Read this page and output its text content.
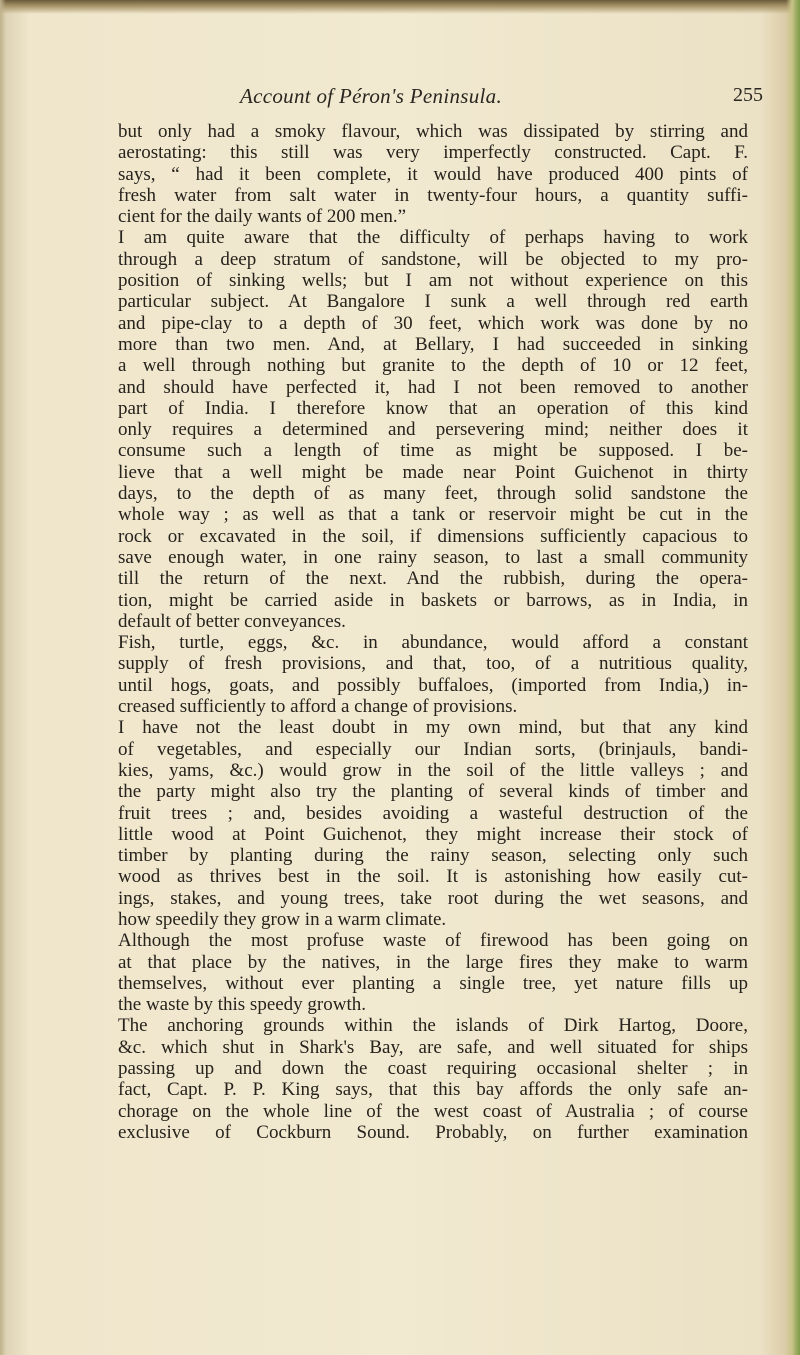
Account of Péron's Peninsula.	255
but only had a smoky flavour, which was dissipated by stirring and
aerostating: this still was very imperfectly constructed. Capt. F.
says, “ had it been complete, it would have produced 400 pints of
fresh water from salt water in twenty-four hours, a quantity suffi-
cient for the daily wants of 200 men.”
I am quite aware that the difficulty of perhaps having to work
through a deep stratum of sandstone, will be objected to my pro-
position of sinking wells; but I am not without experience on this
particular subject. At Bangalore I sunk a well through red earth
and pipe-clay to a depth of 30 feet, which work was done by no
more than two men. And, at Bellary, I had succeeded in sinking
a well through nothing but granite to the depth of 10 or 12 feet,
and should have perfected it, had I not been removed to another
part of India. I therefore know that an operation of this kind
only requires a determined and persevering mind; neither does it
consume such a length of time as might be supposed. I be-
lieve that a well might be made near Point Guichenot in thirty
days, to the depth of as many feet, through solid sandstone the
whole way ; as well as that a tank or reservoir might be cut in the
rock or excavated in the soil, if dimensions sufficiently capacious to
save enough water, in one rainy season, to last a small community
till the return of the next. And the rubbish, during the opera-
tion, might be carried aside in baskets or barrows, as in India, in
default of better conveyances.
Fish, turtle, eggs, &c. in abundance, would afford a constant
supply of fresh provisions, and that, too, of a nutritious quality,
until hogs, goats, and possibly buffaloes, (imported from India,) in-
creased sufficiently to afford a change of provisions.
I have not the least doubt in my own mind, but that any kind
of vegetables, and especially our Indian sorts, (brinjauls, bandi-
kies, yams, &c.) would grow in the soil of the little valleys ; and
the party might also try the planting of several kinds of timber and
fruit trees ; and, besides avoiding a wasteful destruction of the
little wood at Point Guichenot, they might increase their stock of
timber by planting during the rainy season, selecting only such
wood as thrives best in the soil. It is astonishing how easily cut-
ings, stakes, and young trees, take root during the wet seasons, and
how speedily they grow in a warm climate.
Although the most profuse waste of firewood has been going on
at that place by the natives, in the large fires they make to warm
themselves, without ever planting a single tree, yet nature fills up
the waste by this speedy growth.
The anchoring grounds within the islands of Dirk Hartog, Doore,
&c. which shut in Shark's Bay, are safe, and well situated for ships
passing up and down the coast requiring occasional shelter ; in
fact, Capt. P. P. King says, that this bay affords the only safe an-
chorage on the whole line of the west coast of Australia ; of course
exclusive of Cockburn Sound. Probably, on further examination
